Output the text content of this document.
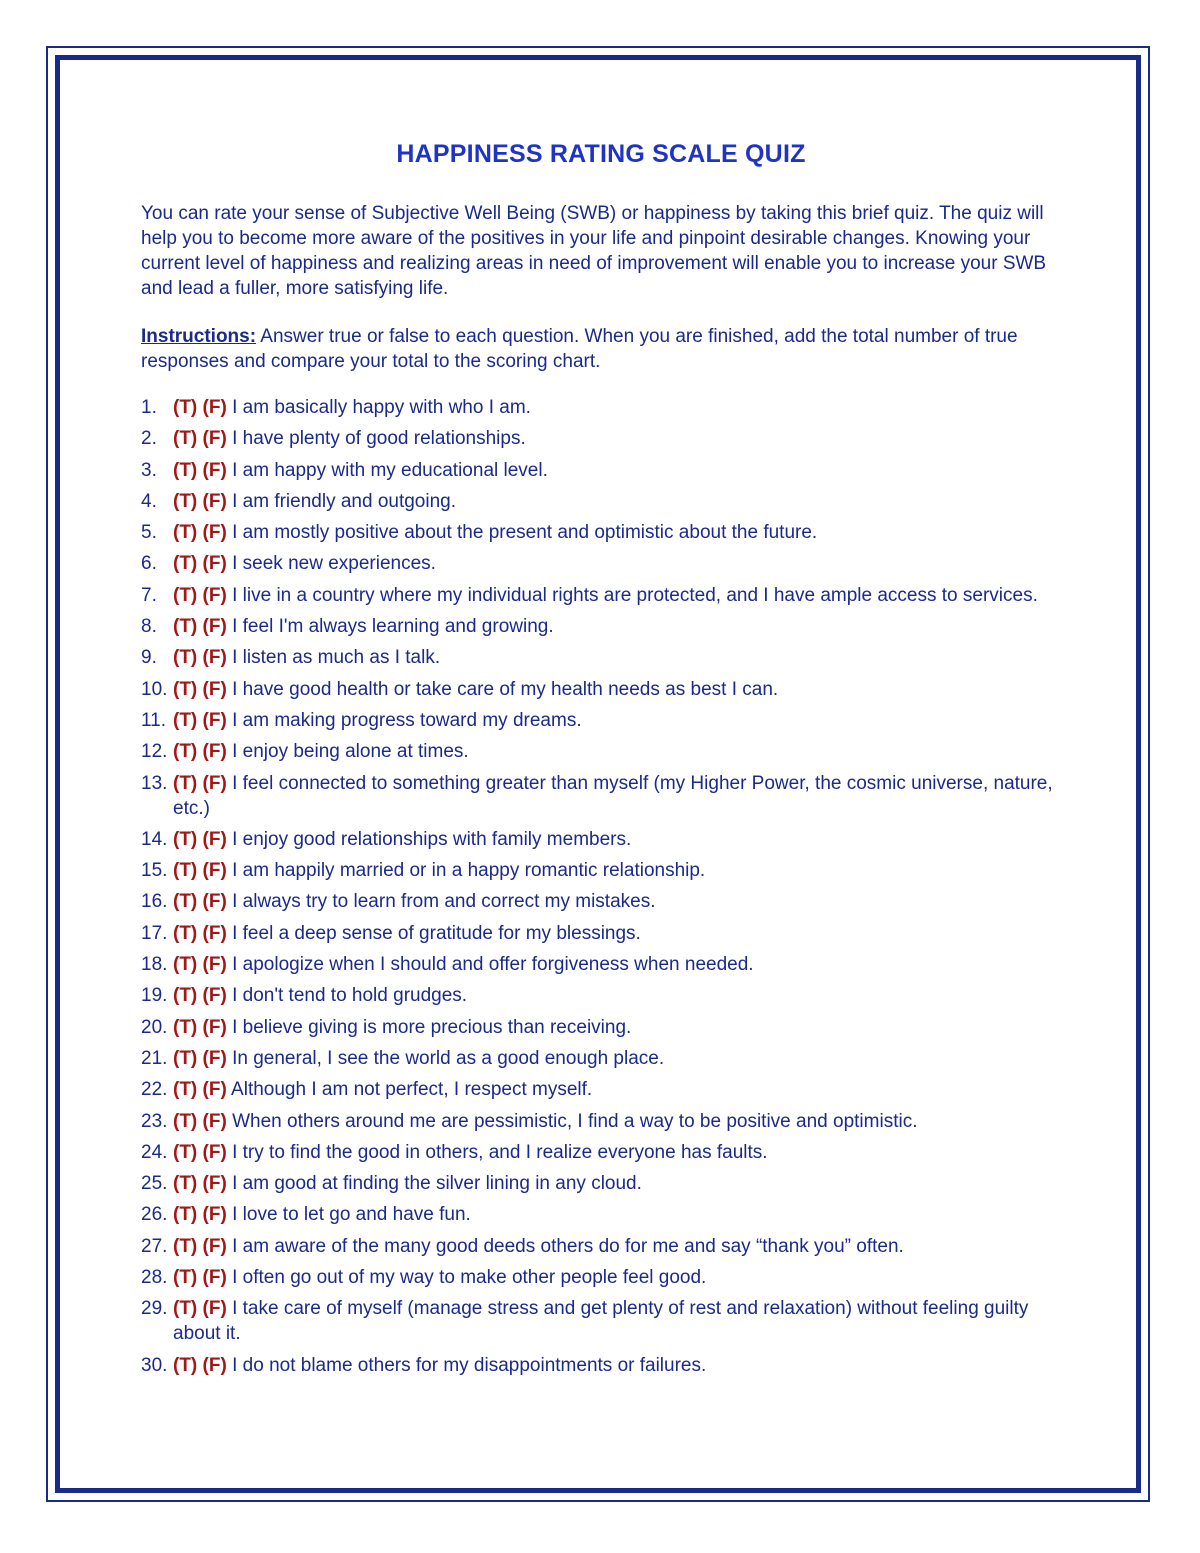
HAPPINESS RATING SCALE QUIZ

You can rate your sense of Subjective Well Being (SWB) or happiness by taking this brief quiz. The quiz will help you to become more aware of the positives in your life and pinpoint desirable changes. Knowing your current level of happiness and realizing areas in need of improvement will enable you to increase your SWB and lead a fuller, more satisfying life.

Instructions: Answer true or false to each question. When you are finished, add the total number of true responses and compare your total to the scoring chart.

1. (T) (F) I am basically happy with who I am.
2. (T) (F) I have plenty of good relationships.
3. (T) (F) I am happy with my educational level.
4. (T) (F) I am friendly and outgoing.
5. (T) (F) I am mostly positive about the present and optimistic about the future.
6. (T) (F) I seek new experiences.
7. (T) (F) I live in a country where my individual rights are protected, and I have ample access to services.
8. (T) (F) I feel I'm always learning and growing.
9. (T) (F) I listen as much as I talk.
10. (T) (F) I have good health or take care of my health needs as best I can.
11. (T) (F) I am making progress toward my dreams.
12. (T) (F) I enjoy being alone at times.
13. (T) (F) I feel connected to something greater than myself (my Higher Power, the cosmic universe, nature, etc.)
14. (T) (F) I enjoy good relationships with family members.
15. (T) (F) I am happily married or in a happy romantic relationship.
16. (T) (F) I always try to learn from and correct my mistakes.
17. (T) (F) I feel a deep sense of gratitude for my blessings.
18. (T) (F) I apologize when I should and offer forgiveness when needed.
19. (T) (F) I don't tend to hold grudges.
20. (T) (F) I believe giving is more precious than receiving.
21. (T) (F) In general, I see the world as a good enough place.
22. (T) (F) Although I am not perfect, I respect myself.
23. (T) (F) When others around me are pessimistic, I find a way to be positive and optimistic.
24. (T) (F) I try to find the good in others, and I realize everyone has faults.
25. (T) (F) I am good at finding the silver lining in any cloud.
26. (T) (F) I love to let go and have fun.
27. (T) (F) I am aware of the many good deeds others do for me and say “thank you” often.
28. (T) (F) I often go out of my way to make other people feel good.
29. (T) (F) I take care of myself (manage stress and get plenty of rest and relaxation) without feeling guilty about it.
30. (T) (F) I do not blame others for my disappointments or failures.
